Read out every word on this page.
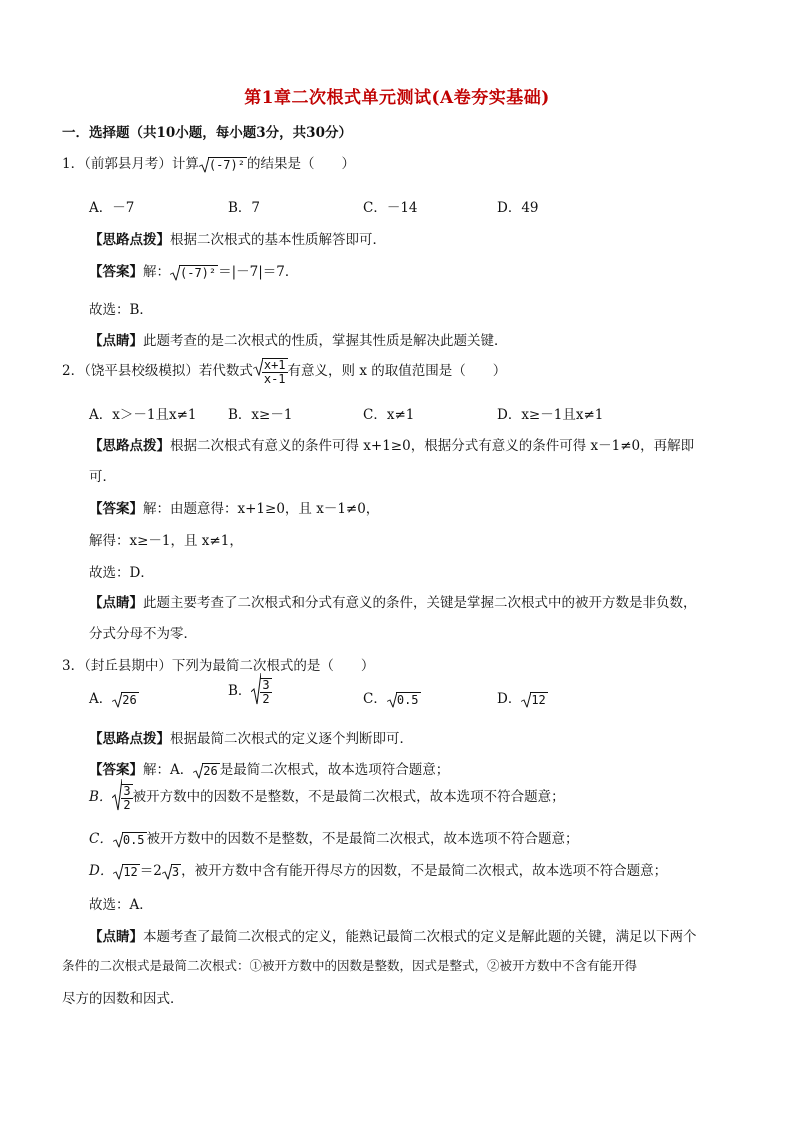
第1章二次根式单元测试(A卷夯实基础)
一．选择题（共10小题，每小题3分，共30分）
1．（前郭县月考）计算 (-7)² 的结果是（　　）
A．－7	B．7	C．－14	D．49
【思路点拨】根据二次根式的基本性质解答即可．
【答案】解： (-7)² ＝|－7|＝7．
故选：B．
【点睛】此题考查的是二次根式的性质，掌握其性质是解决此题关键．
2．（饶平县校级模拟）若代数式 $\frac{x+1}{x-1}$ 有意义，则 x 的取值范围是（　　）
A．x＞－1且x≠1 B．x≥－1	C．x≠1	D．x≥－1且x≠1
【思路点拨】根据二次根式有意义的条件可得 x+1≥0，根据分式有意义的条件可得 x－1≠0，再解即
可．
【答案】解：由题意得：x+1≥0，且 x－1≠0，
解得：x≥－1，且 x≠1，
故选：D．
【点睛】此题主要考查了二次根式和分式有意义的条件，关键是掌握二次根式中的被开方数是非负数，
分式分母不为零．
3．（封丘县期中）下列为最简二次根式的是（　　）
A． 26
B． $\frac{3}{2}$	C． 0.5	D． 12
【思路点拨】根据最简二次根式的定义逐个判断即可．
【答案】解：A． 26 是最简二次根式，故本选项符合题意；
B． $\frac{3}{2}$ 被开方数中的因数不是整数，不是最简二次根式，故本选项不符合题意；
C． 0.5 被开方数中的因数不是整数，不是最简二次根式，故本选项不符合题意；
D． 12 ＝2 3 ，被开方数中含有能开得尽方的因数，不是最简二次根式，故本选项不符合题意；
故选：A．
【点睛】本题考查了最简二次根式的定义，能熟记最简二次根式的定义是解此题的关键，满足以下两个
条件的二次根式是最简二次根式：①被开方数中的因数是整数，因式是整式，②被开方数中不含有能开得
尽方的因数和因式．
